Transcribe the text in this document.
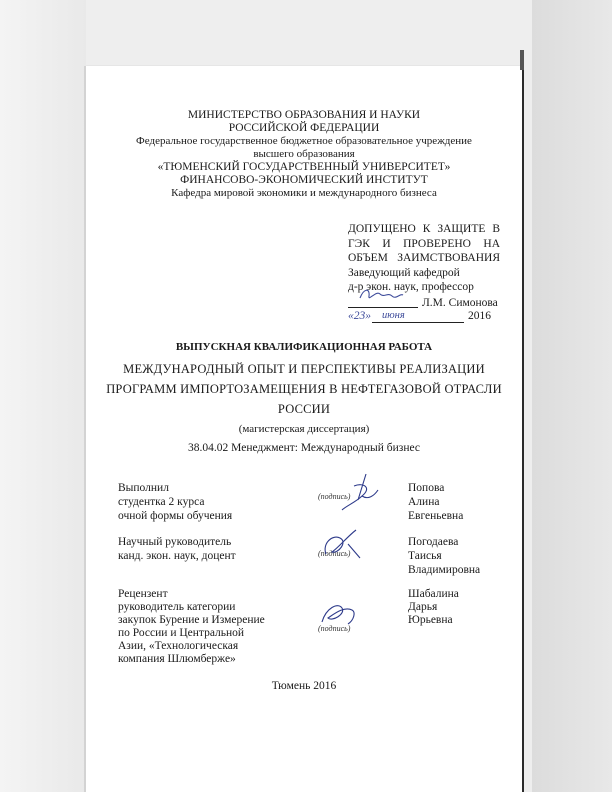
МИНИСТЕРСТВО ОБРАЗОВАНИЯ И НАУКИ
РОССИЙСКОЙ ФЕДЕРАЦИИ
Федеральное государственное бюджетное образовательное учреждение
высшего образования
«ТЮМЕНСКИЙ ГОСУДАРСТВЕННЫЙ УНИВЕРСИТЕТ»
ФИНАНСОВО-ЭКОНОМИЧЕСКИЙ ИНСТИТУТ
Кафедра мировой экономики и международного бизнеса
ДОПУЩЕНО К ЗАЩИТЕ В
ГЭК И ПРОВЕРЕНО НА
ОБЪЕМ ЗАИМСТВОВАНИЯ
Заведующий кафедрой
д-р экон. наук, профессор
Л.М. Симонова
«23» июня	2016
ВЫПУСКНАЯ КВАЛИФИКАЦИОННАЯ РАБОТА
МЕЖДУНАРОДНЫЙ ОПЫТ И ПЕРСПЕКТИВЫ РЕАЛИЗАЦИИ
ПРОГРАММ ИМПОРТОЗАМЕЩЕНИЯ В НЕФТЕГАЗОВОЙ ОТРАСЛИ
РОССИИ
(магистерская диссертация)
38.04.02 Менеджмент: Международный бизнес
Выполнил
студентка 2 курса
очной формы обучения
(подпись)
Попова
Алина
Евгеньевна
Научный руководитель
канд. экон. наук, доцент	(подпись)
Погодаева
Таисья
Владимировна
Рецензент
руководитель категории
закупок Бурение и Измерение
по России и Центральной
Азии, «Технологическая
компания Шлюмберже»
(подпись)
Шабалина
Дарья
Юрьевна
Тюмень 2016
